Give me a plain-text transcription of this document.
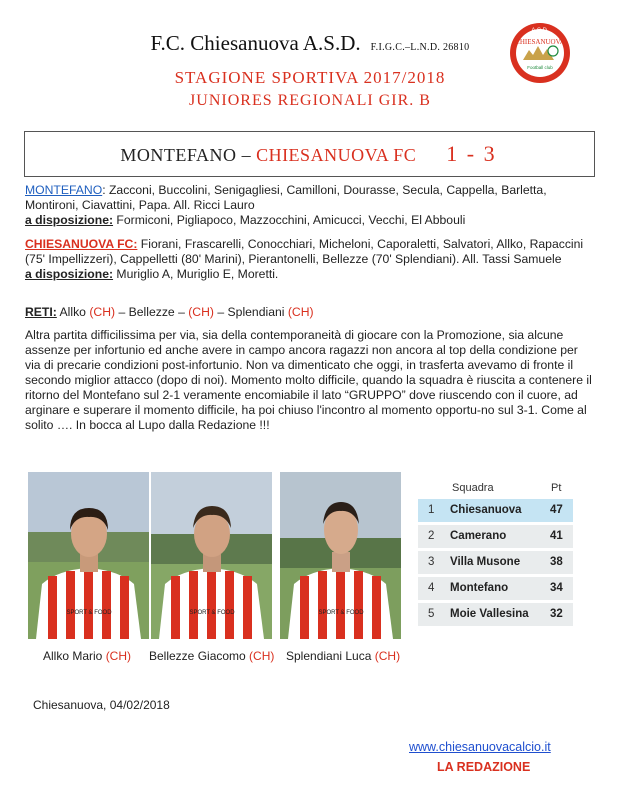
F.C. Chiesanuova A.S.D. F.I.G.C.–L.N.D. 26810
STAGIONE SPORTIVA 2017/2018
JUNIORES REGIONALI GIR. B
A.S.D.
CHIESANUOVA
Football club
MONTEFANO – CHIESANUOVA FC 1 - 3
MONTEFANO: Zacconi, Buccolini, Senigagliesi, Camilloni, Dourasse, Secula, Cappella, Barletta, Montironi, Ciavattini, Papa. All. Ricci Lauro
a disposizione: Formiconi, Pigliapoco, Mazzocchini, Amicucci, Vecchi, El Abbouli
CHIESANUOVA FC: Fiorani, Frascarelli, Conocchiari, Micheloni, Caporaletti, Salvatori, Allko, Rapaccini (75' Impellizzeri), Cappelletti (80' Marini), Pierantonelli, Bellezze (70' Splendiani). All. Tassi Samuele
a disposizione: Muriglio A, Muriglio E, Moretti.
RETI: Allko (CH) – Bellezze – (CH) – Splendiani (CH)
Altra partita difficilissima per via, sia della contemporaneità di giocare con la Promozione, sia alcune assenze per infortunio ed anche avere in campo ancora ragazzi non ancora al top della condizione per via di precarie condizioni post-infortunio. Non va dimenticato che oggi, in trasferta avevamo di fronte il secondo miglior attacco (dopo di noi). Momento molto difficile, quando la squadra è riuscita a contenere il ritorno del Montefano sul 2-1 veramente encomiabile il lato “GRUPPO” dove riuscendo con il cuore, ad arginare e superare il momento difficile, ha poi chiuso l'incontro al momento opportu-no sul 3-1. Come al solito …. In bocca al Lupo dalla Redazione !!!
SPORT & FOOD	SPORT & FOOD	SPORT & FOOD
Allko Mario (CH) Bellezze Giacomo (CH) Splendiani Luca (CH)
Squadra	Pt
1 Chiesanuova 47
2 Camerano	41
3 Villa Musone	38
4 Montefano	34
5 Moie Vallesina 32
Chiesanuova, 04/02/2018
www.chiesanuovacalcio.it
LA REDAZIONE
